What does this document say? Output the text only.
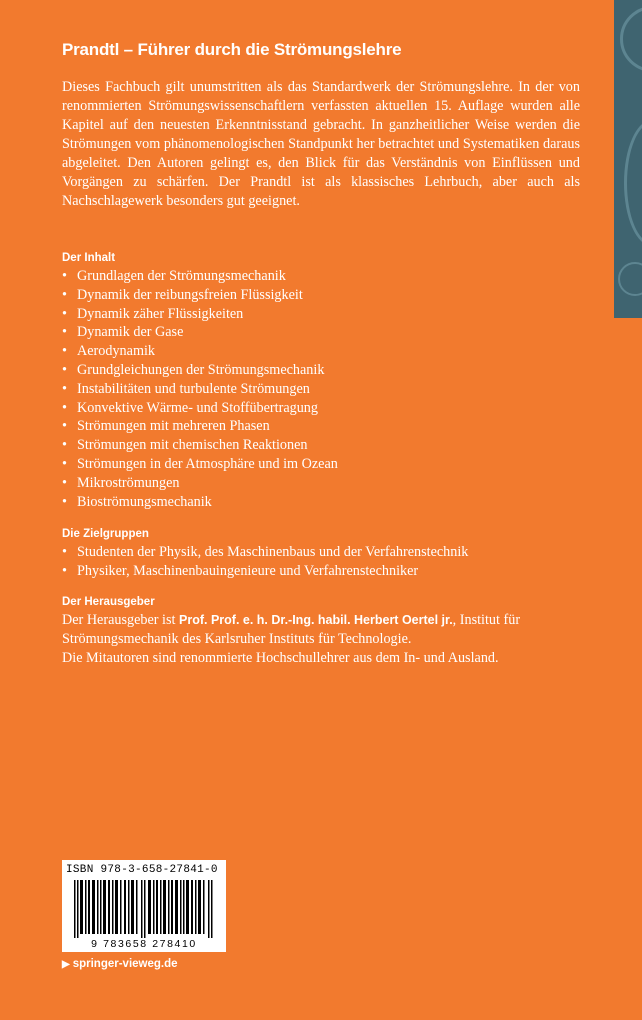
Prandtl – Führer durch die Strömungslehre

Dieses Fachbuch gilt unumstritten als das Standardwerk der Strömungslehre. In der von renommierten Strömungswissenschaftlern verfassten aktuellen 15. Auflage wurden alle Kapitel auf den neuesten Erkenntnisstand gebracht. In ganzheitlicher Weise werden die Strömungen vom phänomenologischen Standpunkt her betrachtet und Systematiken daraus abgeleitet. Den Autoren gelingt es, den Blick für das Verständnis von Einflüssen und Vorgängen zu schärfen. Der Prandtl ist als klassisches Lehrbuch, aber auch als Nachschlagewerk besonders gut geeignet.

Der Inhalt
• Grundlagen der Strömungsmechanik
• Dynamik der reibungsfreien Flüssigkeit
• Dynamik zäher Flüssigkeiten
• Dynamik der Gase
• Aerodynamik
• Grundgleichungen der Strömungsmechanik
• Instabilitäten und turbulente Strömungen
• Konvektive Wärme- und Stoffübertragung
• Strömungen mit mehreren Phasen
• Strömungen mit chemischen Reaktionen
• Strömungen in der Atmosphäre und im Ozean
• Mikroströmungen
• Bioströmungsmechanik
Die Zielgruppen
• Studenten der Physik, des Maschinenbaus und der Verfahrenstechnik
• Physiker, Maschinenbauingenieure und Verfahrenstechniker
Der Herausgeber

Der Herausgeber ist Prof. Prof. e. h. Dr.-Ing. habil. Herbert Oertel jr., Institut für Strömungsmechanik des Karlsruher Instituts für Technologie.

Die Mitautoren sind renommierte Hochschullehrer aus dem In- und Ausland.

ISBN 978-3-658-27841-0
9 783658 278410
▶ springer-vieweg.de
